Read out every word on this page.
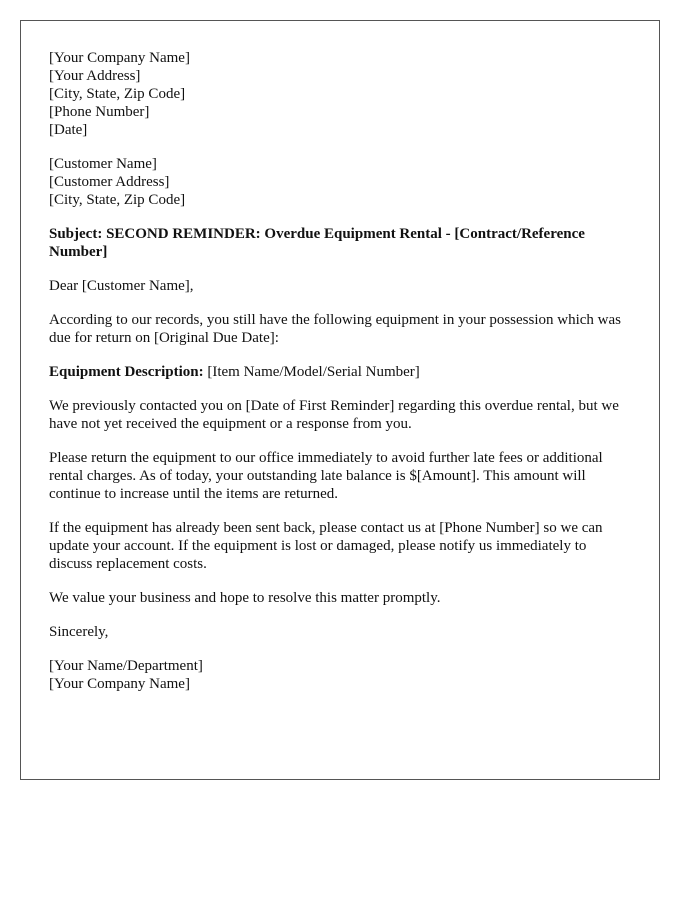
[Your Company Name]
[Your Address]
[City, State, Zip Code]
[Phone Number]
[Date]
[Customer Name]
[Customer Address]
[City, State, Zip Code]

Subject: SECOND REMINDER: Overdue Equipment Rental - [Contract/Reference Number]

Dear [Customer Name],

According to our records, you still have the following equipment in your possession which was due for return on [Original Due Date]:

Equipment Description: [Item Name/Model/Serial Number]

We previously contacted you on [Date of First Reminder] regarding this overdue rental, but we have not yet received the equipment or a response from you.

Please return the equipment to our office immediately to avoid further late fees or additional rental charges. As of today, your outstanding late balance is $[Amount]. This amount will continue to increase until the items are returned.

If the equipment has already been sent back, please contact us at [Phone Number] so we can update your account. If the equipment is lost or damaged, please notify us immediately to discuss replacement costs.

We value your business and hope to resolve this matter promptly.

Sincerely,

[Your Name/Department]
[Your Company Name]
